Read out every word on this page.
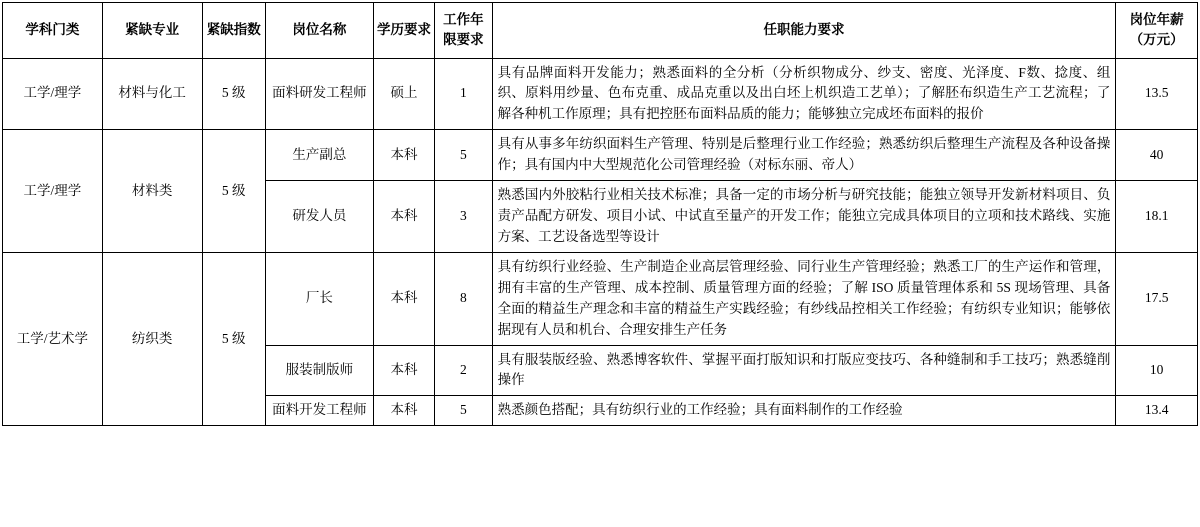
学科门类	紧缺专业	紧缺指数	岗位名称	学历要求	工作年限要求	任职能力要求	岗位年薪（万元）
工学/理学	材料与化工	5 级	面料研发工程师	硕上	1	具有品牌面料开发能力；熟悉面料的全分析（分析织物成分、纱支、密度、光泽度、F数、捻度、组织、原料用纱量、色布克重、成品克重以及出白坯上机织造工艺单）；了解胚布织造生产工艺流程；了解各种机工作原理；具有把控胚布面料品质的能力；能够独立完成坯布面料的报价	13.5
工学/理学	材料类	5 级	生产副总	本科	5	具有从事多年纺织面料生产管理、特别是后整理行业工作经验；熟悉纺织后整理生产流程及各种设备操作；具有国内中大型规范化公司管理经验（对标东丽、帝人）	40
			研发人员	本科	3	熟悉国内外胶粘行业相关技术标准；具备一定的市场分析与研究技能；能独立领导开发新材料项目、负责产品配方研发、项目小试、中试直至量产的开发工作；能独立完成具体项目的立项和技术路线、实施方案、工艺设备选型等设计	18.1
工学/艺术学	纺织类	5 级	厂长	本科	8	具有纺织行业经验、生产制造企业高层管理经验、同行业生产管理经验；熟悉工厂的生产运作和管理，拥有丰富的生产管理、成本控制、质量管理方面的经验；了解 ISO 质量管理体系和 5S 现场管理、具备全面的精益生产理念和丰富的精益生产实践经验；有纱线品控相关工作经验；有纺织专业知识；能够依据现有人员和机台、合理安排生产任务	17.5
			服装制版师	本科	2	具有服装版经验、熟悉博客软件、掌握平面打版知识和打版应变技巧、各种缝制和手工技巧；熟悉缝削操作	10
			面料开发工程师	本科	5	熟悉颜色搭配；具有纺织行业的工作经验；具有面料制作的工作经验	13.4
